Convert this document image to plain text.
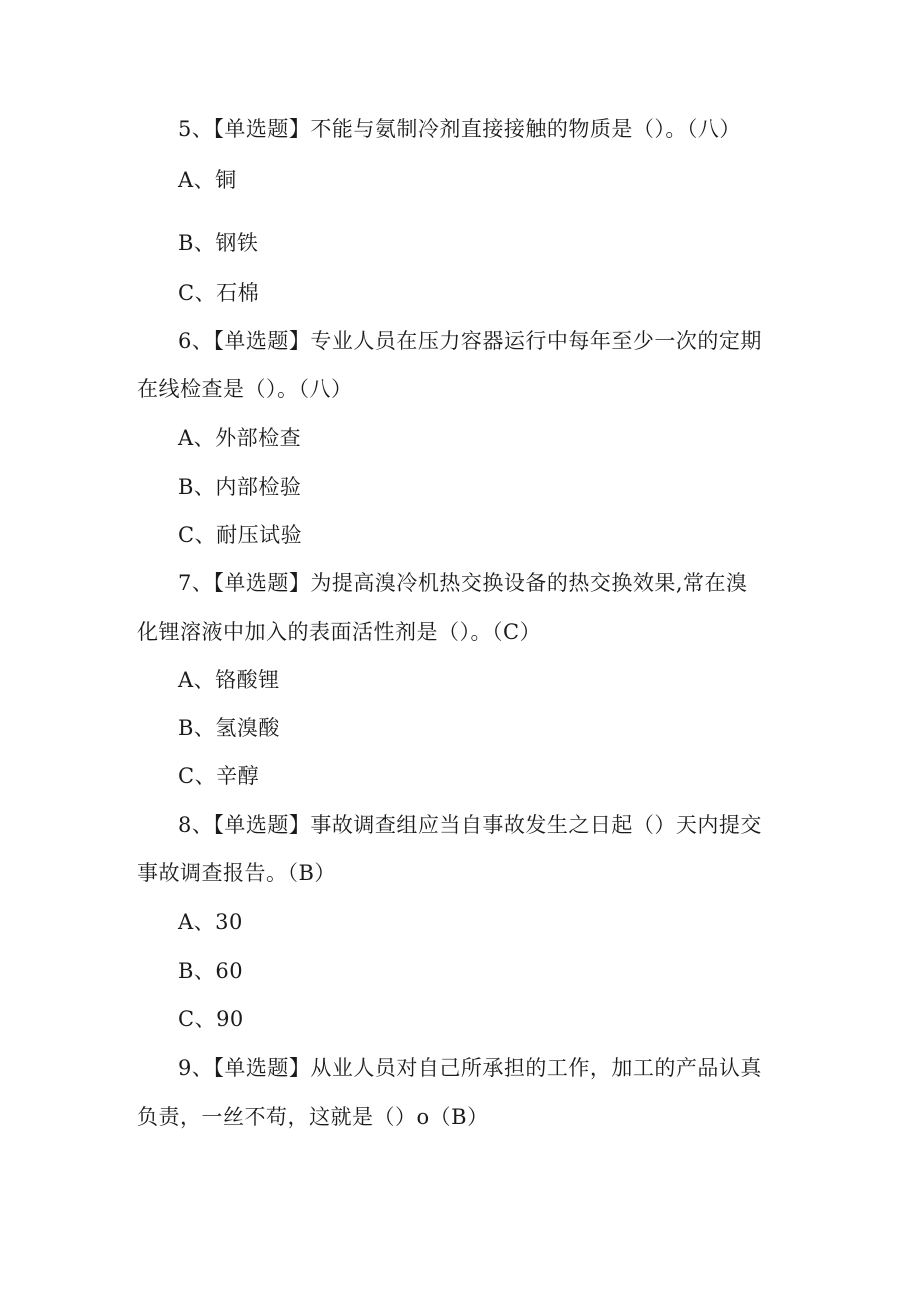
5、【单选题】不能与氨制冷剂直接接触的物质是（）。（八）
A、铜
B、钢铁
C、石棉
6、【单选题】专业人员在压力容器运行中每年至少一次的定期
在线检查是（）。（八）
A、外部检查
B、内部检验
C、耐压试验
7、【单选题】为提高溴冷机热交换设备的热交换效果,常在溴
化锂溶液中加入的表面活性剂是（）。（C）
A、铬酸锂
B、氢溴酸
C、辛醇
8、【单选题】事故调查组应当自事故发生之日起（）天内提交
事故调查报告。（B）
A、30
B、60
C、90
9、【单选题】从业人员对自己所承担的工作，加工的产品认真
负责，一丝不苟，这就是（）o（B）
